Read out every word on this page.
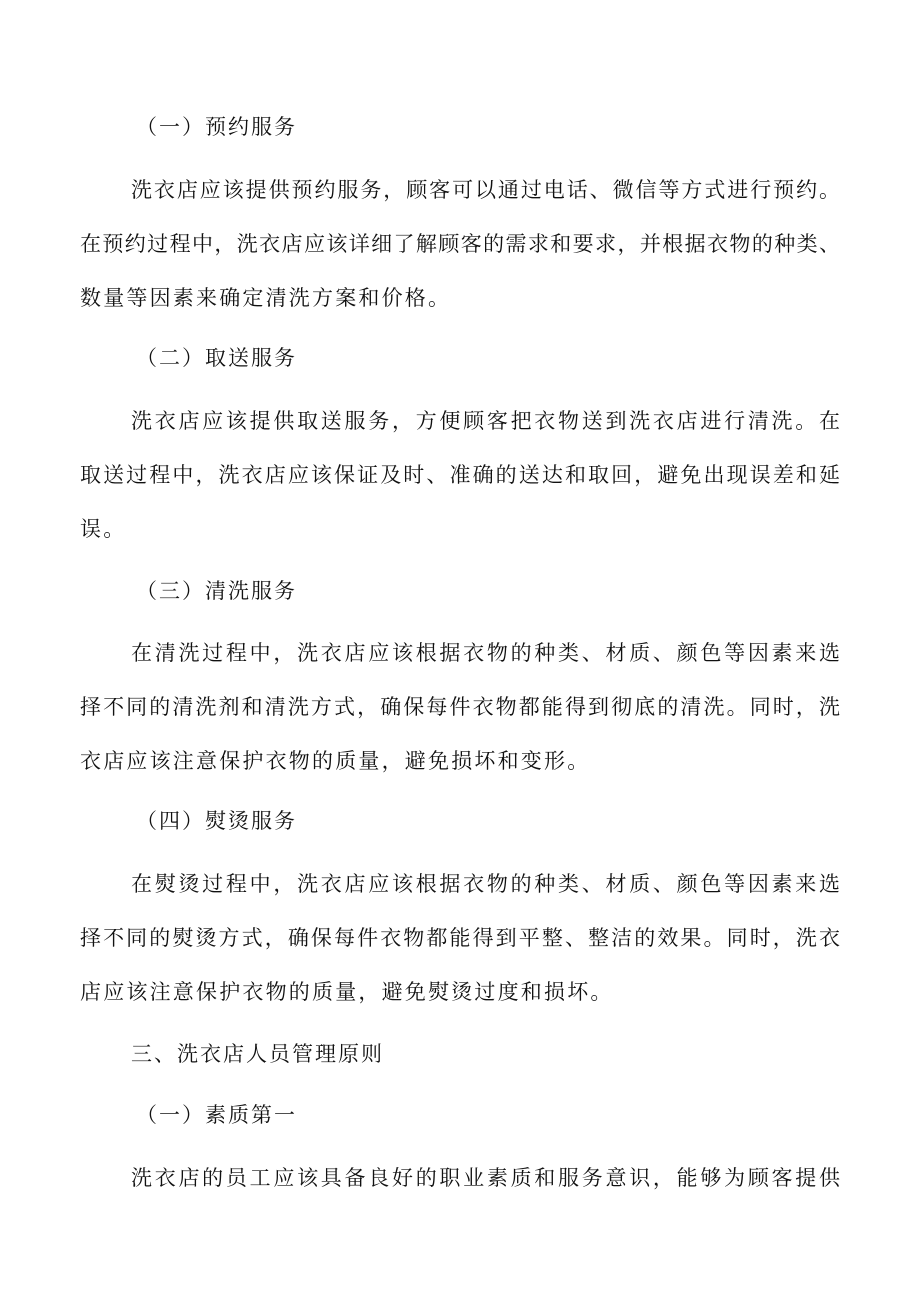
（一）预约服务

洗衣店应该提供预约服务，顾客可以通过电话、微信等方式进行预约。

在预约过程中，洗衣店应该详细了解顾客的需求和要求，并根据衣物的种类、

数量等因素来确定清洗方案和价格。

（二）取送服务

洗衣店应该提供取送服务，方便顾客把衣物送到洗衣店进行清洗。在

取送过程中，洗衣店应该保证及时、准确的送达和取回，避免出现误差和延

误。

（三）清洗服务

在清洗过程中，洗衣店应该根据衣物的种类、材质、颜色等因素来选

择不同的清洗剂和清洗方式，确保每件衣物都能得到彻底的清洗。同时，洗

衣店应该注意保护衣物的质量，避免损坏和变形。

（四）熨烫服务

在熨烫过程中，洗衣店应该根据衣物的种类、材质、颜色等因素来选

择不同的熨烫方式，确保每件衣物都能得到平整、整洁的效果。同时，洗衣

店应该注意保护衣物的质量，避免熨烫过度和损坏。

三、洗衣店人员管理原则

（一）素质第一

洗衣店的员工应该具备良好的职业素质和服务意识，能够为顾客提供
